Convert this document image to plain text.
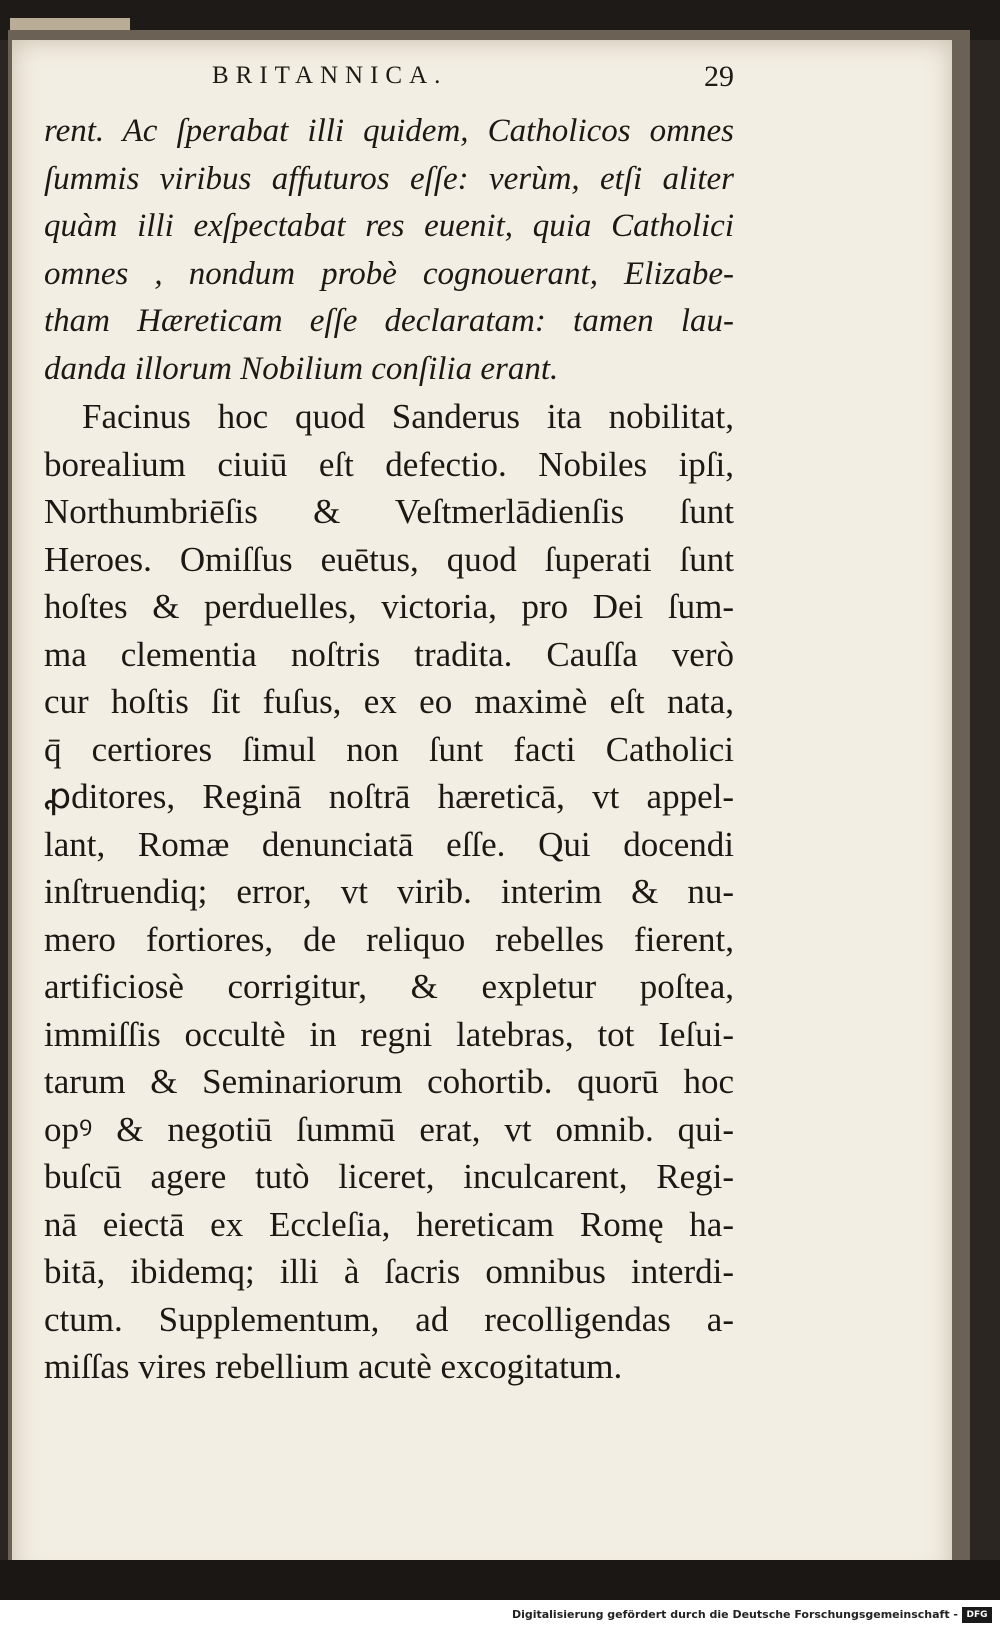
BRITANNICA.	29
rent. Ac ſperabat illi quidem, Catholicos omnes
ſummis viribus affuturos eſſe: verùm, etſi aliter
quàm illi exſpectabat res euenit, quia Catholici
omnes , nondum probè cognouerant, Elizabe-
tham Hæreticam eſſe declaratam: tamen lau-
danda illorum Nobilium conſilia erant.
Facinus hoc quod Sanderus ita nobilitat,
borealium ciuiū eſt defectio. Nobiles ipſi,
Northumbriēſis & Veſtmerlādienſis ſunt
Heroes. Omiſſus euētus, quod ſuperati ſunt
hoſtes & perduelles, victoria, pro Dei ſum-
ma clementia noſtris tradita. Cauſſa verò
cur hoſtis ſit fuſus, ex eo maximè eſt nata,
q̄ certiores ſimul non ſunt facti Catholici
ꝓditores, Reginā noſtrā hæreticā, vt appel-
lant, Romæ denunciatā eſſe. Qui docendi
inſtruendiq; error, vt virib. interim & nu-
mero fortiores, de reliquo rebelles fierent,
artificiosè corrigitur, & expletur poſtea,
immiſſis occultè in regni latebras, tot Ieſui-
tarum & Seminariorum cohortib. quorū hoc
opꝰ & negotiū ſummū erat, vt omnib. qui-
buſcū agere tutò liceret, inculcarent, Regi-
nā eiectā ex Eccleſia, hereticam Romę ha-
bitā, ibidemq; illi à ſacris omnibus interdi-
ctum. Supplementum, ad recolligendas a-
miſſas vires rebellium acutè excogitatum.
Digitalisierung gefördert durch die Deutsche Forschungsgemeinschaft - DFG
